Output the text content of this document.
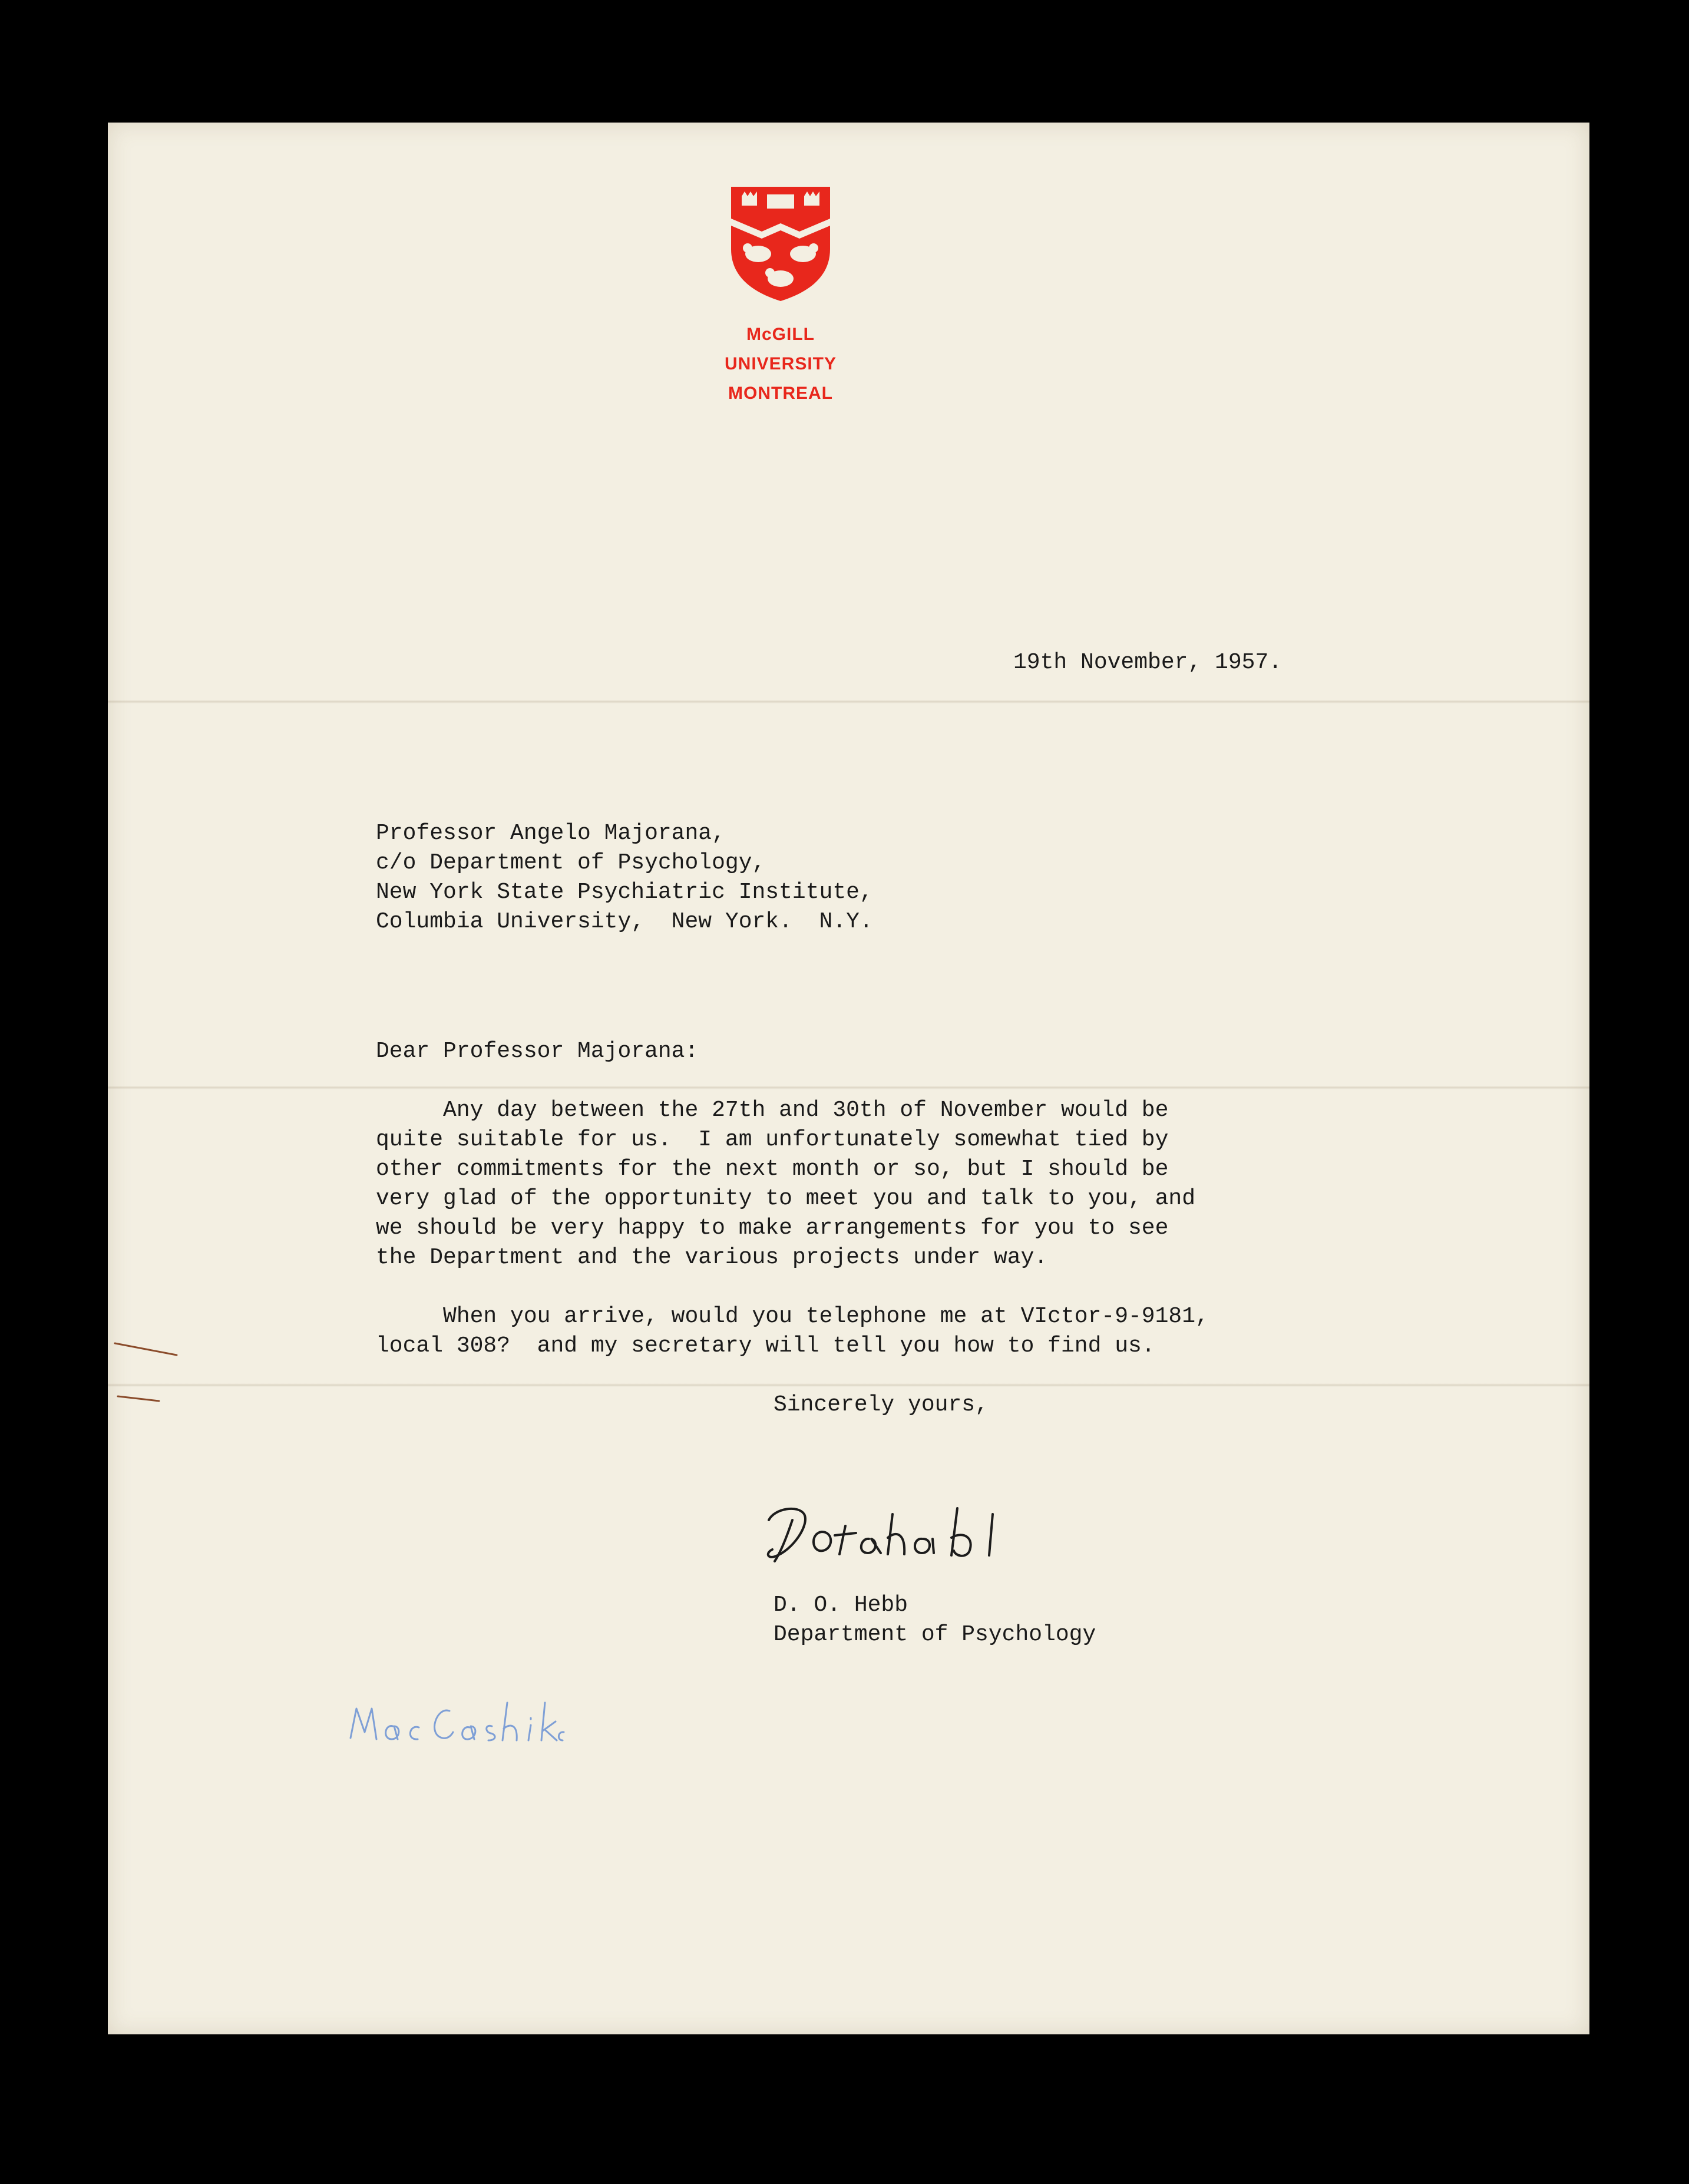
McGILL UNIVERSITY
MONTREAL
19th November, 1957.
Professor Angelo Majorana,
c/o Department of Psychology,
New York State Psychiatric Institute,
Columbia University,  New York.  N.Y.
Dear Professor Majorana:
Any day between the 27th and 30th of November would be
quite suitable for us.  I am unfortunately somewhat tied by
other commitments for the next month or so, but I should be
very glad of the opportunity to meet you and talk to you, and
we should be very happy to make arrangements for you to see
the Department and the various projects under way.
When you arrive, would you telephone me at VIctor-9-9181,
local 308?  and my secretary will tell you how to find us.
Sincerely yours,
D. O. Hebb
Department of Psychology
